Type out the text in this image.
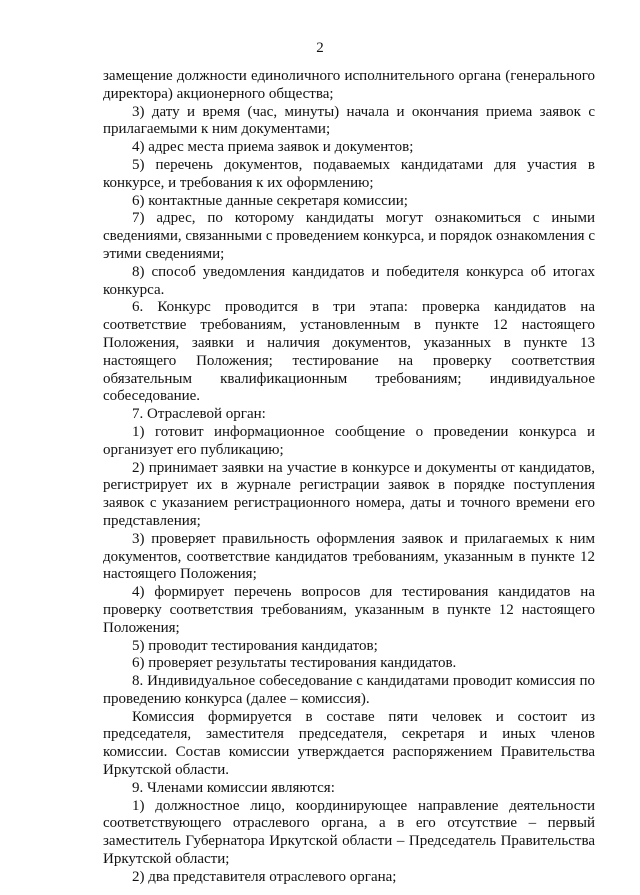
2

замещение должности единоличного исполнительного органа (генерального директора) акционерного общества;

3) дату и время (час, минуты) начала и окончания приема заявок с прилагаемыми к ним документами;

4) адрес места приема заявок и документов;

5) перечень документов, подаваемых кандидатами для участия в конкурсе, и требования к их оформлению;

6) контактные данные секретаря комиссии;

7) адрес, по которому кандидаты могут ознакомиться с иными сведениями, связанными с проведением конкурса, и порядок ознакомления с этими сведениями;

8) способ уведомления кандидатов и победителя конкурса об итогах конкурса.

6. Конкурс проводится в три этапа: проверка кандидатов на соответствие требованиям, установленным в пункте 12 настоящего Положения, заявки и наличия документов, указанных в пункте 13 настоящего Положения; тестирование на проверку соответствия обязательным квалификационным требованиям; индивидуальное собеседование.

7. Отраслевой орган:

1) готовит информационное сообщение о проведении конкурса и организует его публикацию;

2) принимает заявки на участие в конкурсе и документы от кандидатов, регистрирует их в журнале регистрации заявок в порядке поступления заявок с указанием регистрационного номера, даты и точного времени его представления;

3) проверяет правильность оформления заявок и прилагаемых к ним документов, соответствие кандидатов требованиям, указанным в пункте 12 настоящего Положения;

4) формирует перечень вопросов для тестирования кандидатов на проверку соответствия требованиям, указанным в пункте 12 настоящего Положения;

5) проводит тестирования кандидатов;

6) проверяет результаты тестирования кандидатов.

8. Индивидуальное собеседование с кандидатами проводит комиссия по проведению конкурса (далее – комиссия).

Комиссия формируется в составе пяти человек и состоит из председателя, заместителя председателя, секретаря и иных членов комиссии. Состав комиссии утверждается распоряжением Правительства Иркутской области.

9. Членами комиссии являются:

1) должностное лицо, координирующее направление деятельности соответствующего отраслевого органа, а в его отсутствие – первый заместитель Губернатора Иркутской области – Председатель Правительства Иркутской области;

2) два представителя отраслевого органа;
